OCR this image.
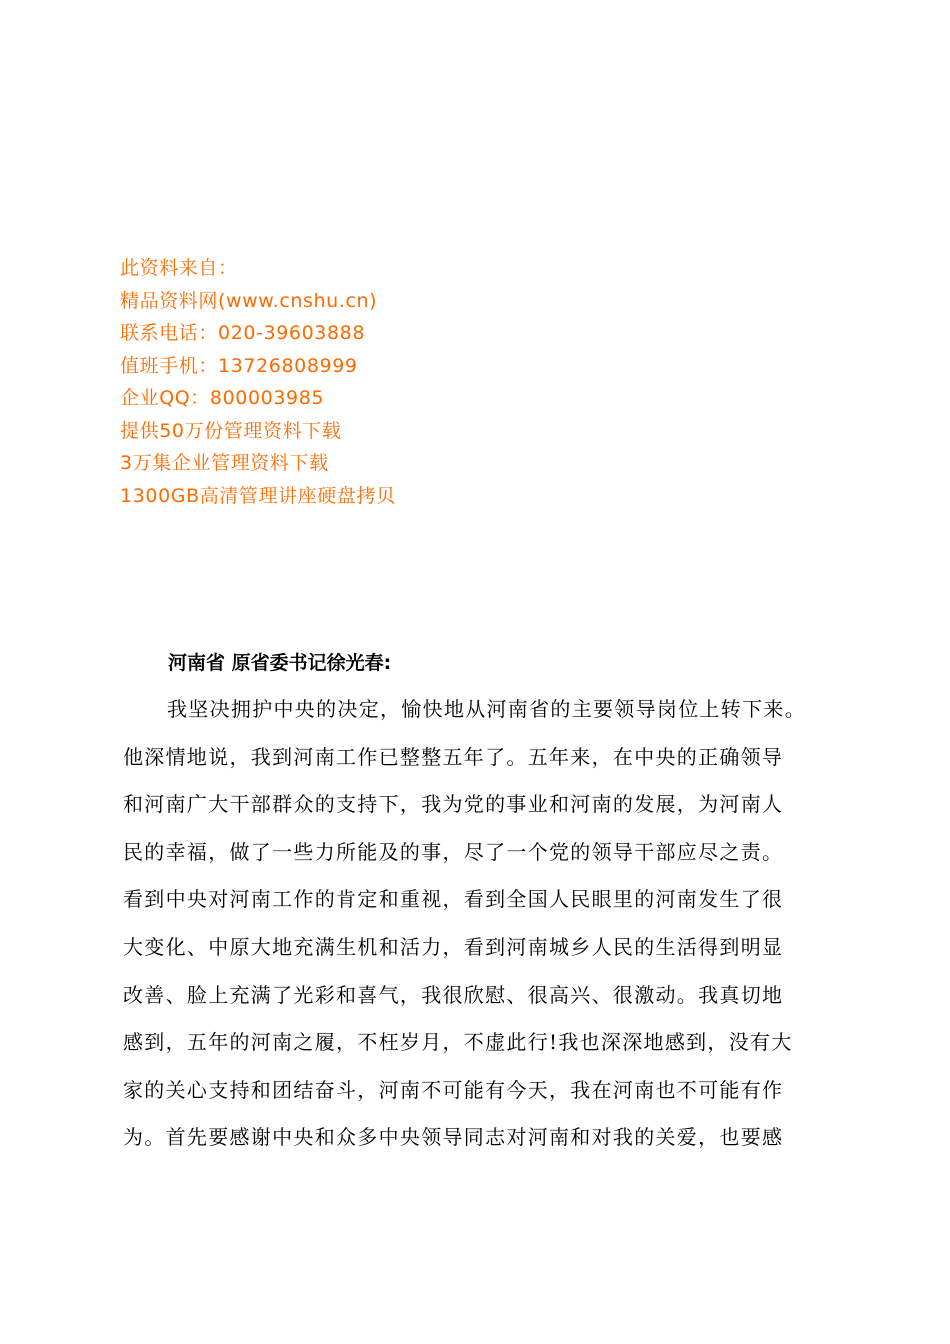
此资料来自：
精品资料网(www.cnshu.cn)
联系电话：020-39603888
值班手机：13726808999
企业QQ：800003985
提供50万份管理资料下载
3万集企业管理资料下载
1300GB高清管理讲座硬盘拷贝
河南省 原省委书记徐光春:
我坚决拥护中央的决定，愉快地从河南省的主要领导岗位上转下来。
他深情地说，我到河南工作已整整五年了。五年来，在中央的正确领导
和河南广大干部群众的支持下，我为党的事业和河南的发展，为河南人
民的幸福，做了一些力所能及的事，尽了一个党的领导干部应尽之责。
看到中央对河南工作的肯定和重视，看到全国人民眼里的河南发生了很
大变化、中原大地充满生机和活力，看到河南城乡人民的生活得到明显
改善、脸上充满了光彩和喜气，我很欣慰、很高兴、很激动。我真切地
感到，五年的河南之履，不枉岁月，不虚此行!我也深深地感到，没有大
家的关心支持和团结奋斗，河南不可能有今天，我在河南也不可能有作
为。首先要感谢中央和众多中央领导同志对河南和对我的关爱，也要感
